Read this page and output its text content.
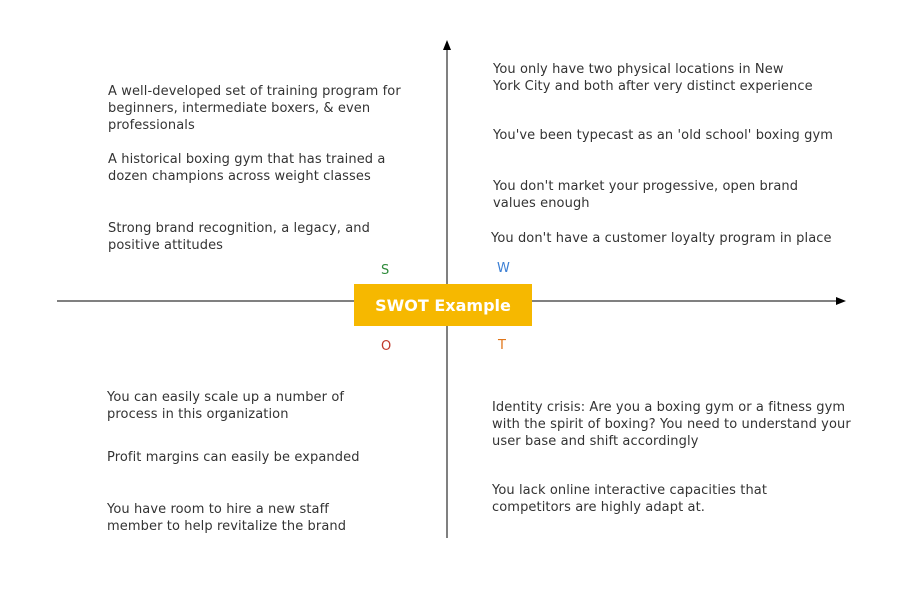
A well-developed set of training program for beginners, intermediate boxers, & even professionals
A historical boxing gym that has trained a dozen champions across weight classes
Strong brand recognition, a legacy, and positive attitudes
You only have two physical locations in New York City and both after very distinct experience
You've been typecast as an 'old school' boxing gym
You don't market your progessive, open brand values enough
You don't have a customer loyalty program in place
S	W
O	T
SWOT Example
You can easily scale up a number of process in this organization
Profit margins can easily be expanded
You have room to hire a new staff member to help revitalize the brand
Identity crisis: Are you a boxing gym or a fitness gym with the spirit of boxing? You need to understand your user base and shift accordingly
You lack online interactive capacities that competitors are highly adapt at.
